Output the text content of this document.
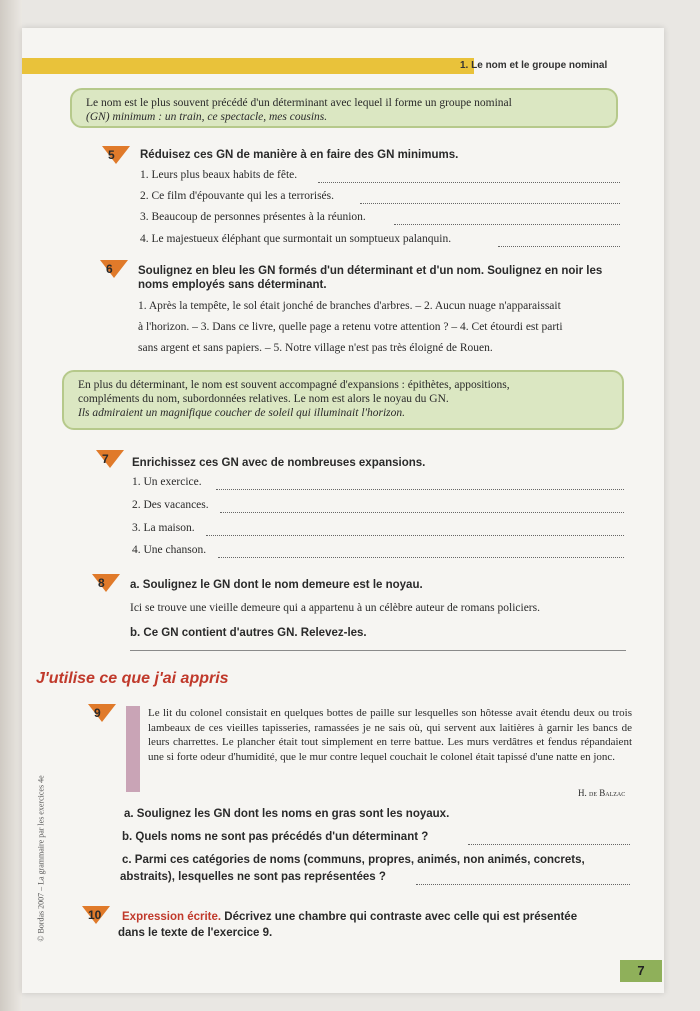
1. Le nom et le groupe nominal
Le nom est le plus souvent précédé d'un déterminant avec lequel il forme un groupe nominal
(GN) minimum : un train, ce spectacle, mes cousins.
5 Réduisez ces GN de manière à en faire des GN minimums.
1. Leurs plus beaux habits de fête.
2. Ce film d'épouvante qui les a terrorisés.
3. Beaucoup de personnes présentes à la réunion.
4. Le majestueux éléphant que surmontait un somptueux palanquin.
6 Soulignez en bleu les GN formés d'un déterminant et d'un nom. Soulignez en noir les
noms employés sans déterminant.
1. Après la tempête, le sol était jonché de branches d'arbres. – 2. Aucun nuage n'apparaissait
à l'horizon. – 3. Dans ce livre, quelle page a retenu votre attention ? – 4. Cet étourdi est parti
sans argent et sans papiers. – 5. Notre village n'est pas très éloigné de Rouen.
En plus du déterminant, le nom est souvent accompagné d'expansions : épithètes, appositions,
compléments du nom, subordonnées relatives. Le nom est alors le noyau du GN.
Ils admiraient un magnifique coucher de soleil qui illuminait l'horizon.
7 Enrichissez ces GN avec de nombreuses expansions.
1. Un exercice.
2. Des vacances.
3. La maison.
4. Une chanson.
8 a. Soulignez le GN dont le nom demeure est le noyau.
Ici se trouve une vieille demeure qui a appartenu à un célèbre auteur de romans policiers.
b. Ce GN contient d'autres GN. Relevez-les.
J'utilise ce que j'ai appris
9	Le lit du colonel consistait en quelques bottes de paille sur lesquelles son hôtesse avait étendu deux ou trois lambeaux de ces vieilles tapisseries, ramassées je ne sais où, qui servent aux laitières à garnir les bancs de leurs charrettes. Le plancher était tout simplement en terre battue. Les murs verdâtres et fendus répandaient une si forte odeur d'humidité, que le mur contre lequel couchait le colonel était tapissé d'une natte en jonc.
H. de Balzac
a. Soulignez les GN dont les noms en gras sont les noyaux.
b. Quels noms ne sont pas précédés d'un déterminant ?
c. Parmi ces catégories de noms (communs, propres, animés, non animés, concrets,
abstraits), lesquelles ne sont pas représentées ?
10 Expression écrite. Décrivez une chambre qui contraste avec celle qui est présentée
dans le texte de l'exercice 9.
© Bordas 2007 – La grammaire par les exercices 4e
7
